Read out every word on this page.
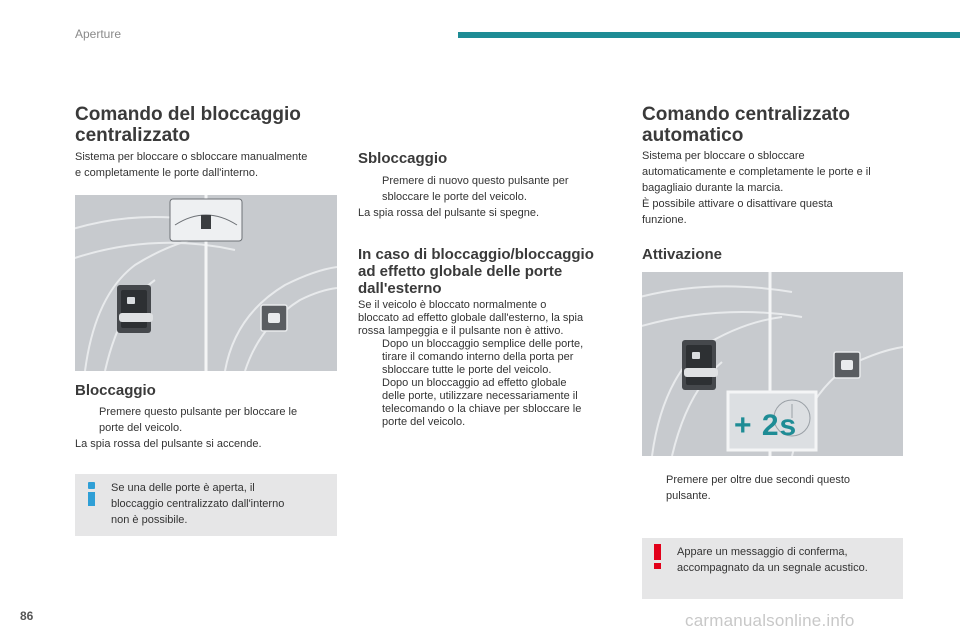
Aperture
Comando del bloccaggio
centralizzato
Sistema per bloccare o sbloccare manualmente
e completamente le porte dall'interno.
Bloccaggio
Premere questo pulsante per bloccare le
porte del veicolo.
La spia rossa del pulsante si accende.
Se una delle porte è aperta, il
bloccaggio centralizzato dall'interno
non è possibile.
Sbloccaggio
Premere di nuovo questo pulsante per
sbloccare le porte del veicolo.
La spia rossa del pulsante si spegne.
In caso di bloccaggio/bloccaggio
ad effetto globale delle porte
dall'esterno
Se il veicolo è bloccato normalmente o
bloccato ad effetto globale dall'esterno, la spia
rossa lampeggia e il pulsante non è attivo.
Dopo un bloccaggio semplice delle porte,
tirare il comando interno della porta per
sbloccare tutte le porte del veicolo.
Dopo un bloccaggio ad effetto globale
delle porte, utilizzare necessariamente il
telecomando o la chiave per sbloccare le
porte del veicolo.
Comando centralizzato
automatico
Sistema per bloccare o sbloccare
automaticamente e completamente le porte e il
bagagliaio durante la marcia.
È possibile attivare o disattivare questa
funzione.
Attivazione
+ 2s
Premere per oltre due secondi questo
pulsante.
Appare un messaggio di conferma,
accompagnato da un segnale acustico.
86	carmanualsonline.info
